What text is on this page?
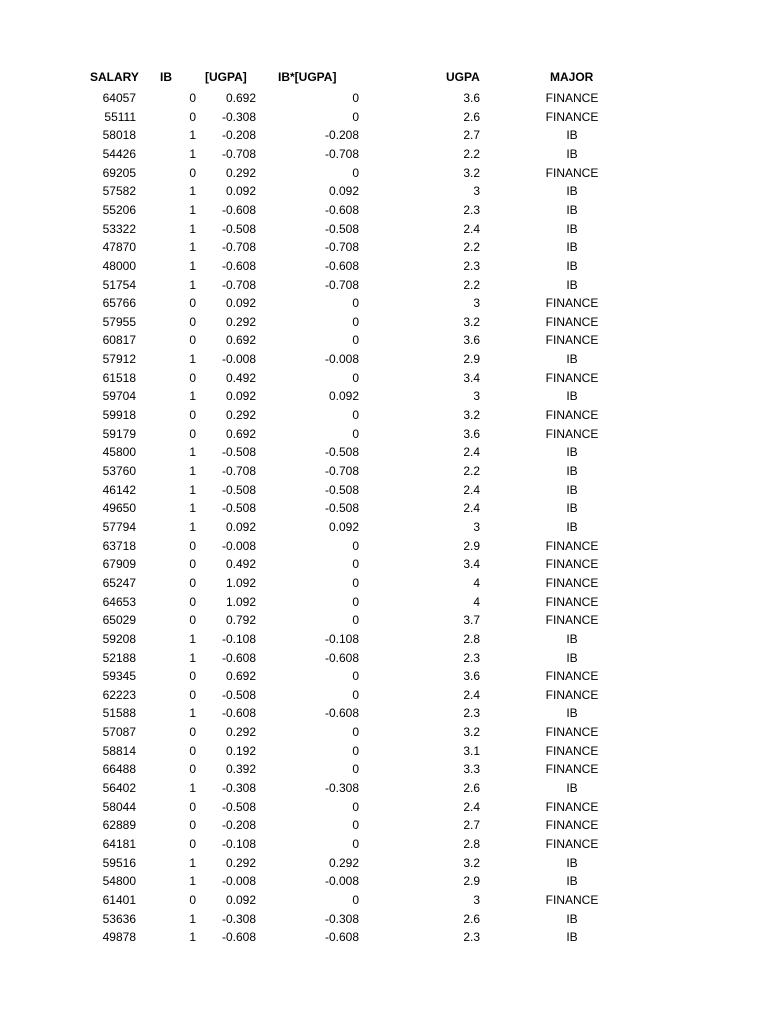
SALARY IB	[UGPA]	IB*[UGPA]	UGPA	MAJOR
64057	0	0.692	0	3.6	FINANCE
55111	0	-0.308	0	2.6	FINANCE
58018	1	-0.208	-0.208	2.7	IB
54426	1	-0.708	-0.708	2.2	IB
69205	0	0.292	0	3.2	FINANCE
57582	1	0.092	0.092	3	IB
55206	1	-0.608	-0.608	2.3	IB
53322	1	-0.508	-0.508	2.4	IB
47870	1	-0.708	-0.708	2.2	IB
48000	1	-0.608	-0.608	2.3	IB
51754	1	-0.708	-0.708	2.2	IB
65766	0	0.092	0	3	FINANCE
57955	0	0.292	0	3.2	FINANCE
60817	0	0.692	0	3.6	FINANCE
57912	1	-0.008	-0.008	2.9	IB
61518	0	0.492	0	3.4	FINANCE
59704	1	0.092	0.092	3	IB
59918	0	0.292	0	3.2	FINANCE
59179	0	0.692	0	3.6	FINANCE
45800	1	-0.508	-0.508	2.4	IB
53760	1	-0.708	-0.708	2.2	IB
46142	1	-0.508	-0.508	2.4	IB
49650	1	-0.508	-0.508	2.4	IB
57794	1	0.092	0.092	3	IB
63718	0	-0.008	0	2.9	FINANCE
67909	0	0.492	0	3.4	FINANCE
65247	0	1.092	0	4	FINANCE
64653	0	1.092	0	4	FINANCE
65029	0	0.792	0	3.7	FINANCE
59208	1	-0.108	-0.108	2.8	IB
52188	1	-0.608	-0.608	2.3	IB
59345	0	0.692	0	3.6	FINANCE
62223	0	-0.508	0	2.4	FINANCE
51588	1	-0.608	-0.608	2.3	IB
57087	0	0.292	0	3.2	FINANCE
58814	0	0.192	0	3.1	FINANCE
66488	0	0.392	0	3.3	FINANCE
56402	1	-0.308	-0.308	2.6	IB
58044	0	-0.508	0	2.4	FINANCE
62889	0	-0.208	0	2.7	FINANCE
64181	0	-0.108	0	2.8	FINANCE
59516	1	0.292	0.292	3.2	IB
54800	1	-0.008	-0.008	2.9	IB
61401	0	0.092	0	3	FINANCE
53636	1	-0.308	-0.308	2.6	IB
49878	1	-0.608	-0.608	2.3	IB
